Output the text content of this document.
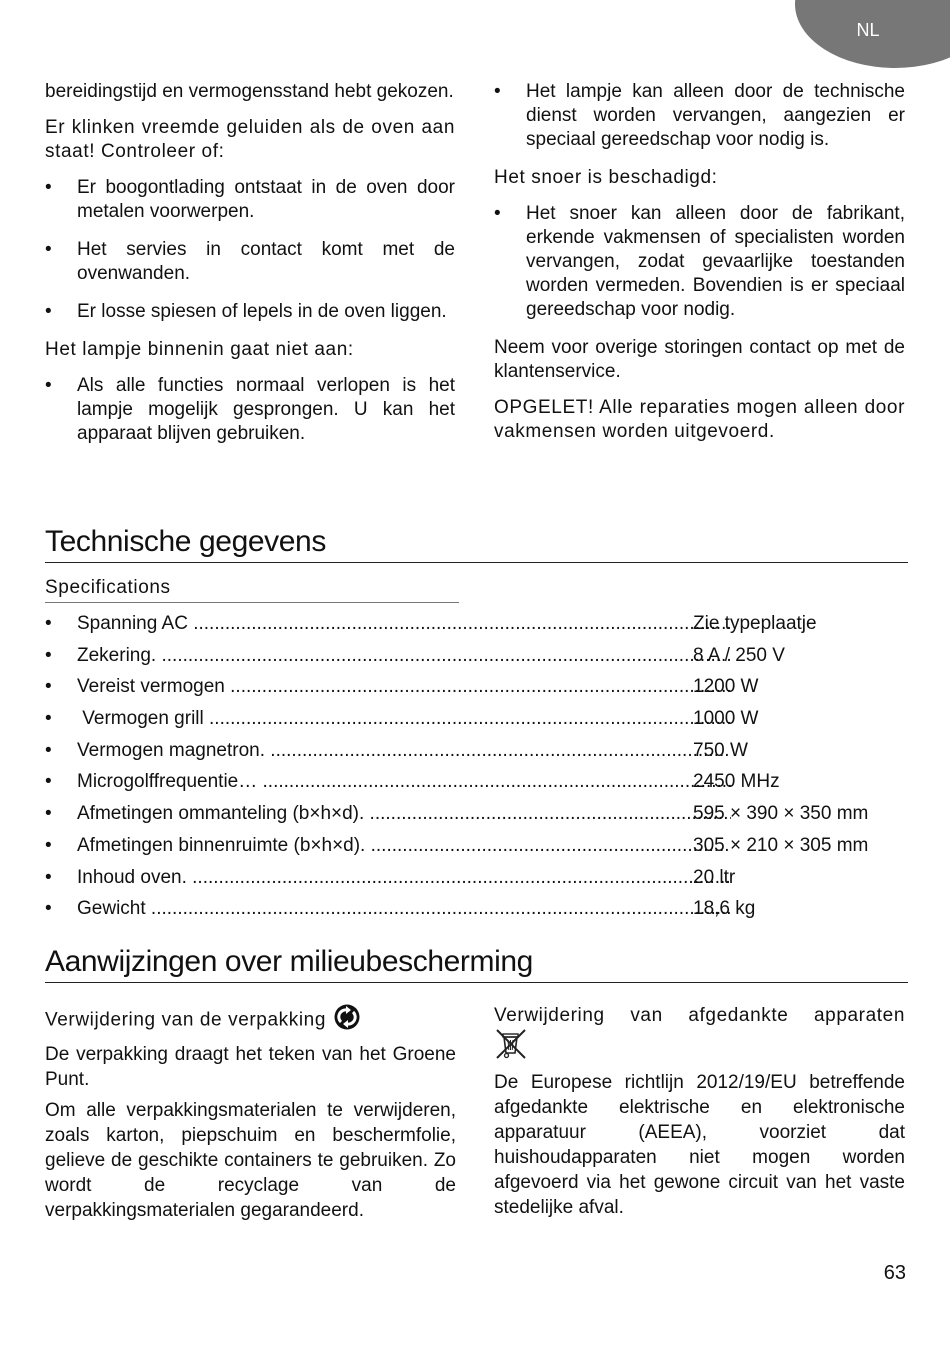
NL

bereidingstijd en vermogensstand hebt gekozen.

Er klinken vreemde geluiden als de oven aan staat! Controleer of:

• Er boogontlading ontstaat in de oven door metalen voorwerpen.
• Het servies in contact komt met de ovenwanden.
• Er losse spiesen of lepels in de oven liggen.

Het lampje binnenin gaat niet aan:

• Als alle functies normaal verlopen is het lampje mogelijk gesprongen. U kan het apparaat blijven gebruiken.
• Het lampje kan alleen door de technische dienst worden vervangen, aangezien er speciaal gereedschap voor nodig is.

Het snoer is beschadigd:

• Het snoer kan alleen door de fabrikant, erkende vakmensen of specialisten worden vervangen, zodat gevaarlijke toestanden worden vermeden. Bovendien is er speciaal gereedschap voor nodig.

Neem voor overige storingen contact op met de klantenservice.

OPGELET! Alle reparaties mogen alleen door vakmensen worden uitgevoerd.

Technische gegevens
Specifications
• Spanning AC .....	Zie typeplaatje
• Zekering. .....	8 A / 250 V
• Vereist vermogen .....	1200 W
• Vermogen grill .....	1000 W
• Vermogen magnetron. .....	750 W
• Microgolffrequentie… .....	2450 MHz
• Afmetingen ommanteling (b×h×d). .....	595 × 390 × 350 mm
• Afmetingen binnenruimte (b×h×d). .....	305 × 210 × 305 mm
• Inhoud oven. .....	20 ltr
• Gewicht .....	18,6 kg
Aanwijzingen over milieubescherming

Verwijdering van de verpakking

De verpakking draagt het teken van het Groene Punt.

Om alle verpakkingsmaterialen te verwijderen, zoals karton, piepschuim en beschermfolie, gelieve de geschikte containers te gebruiken. Zo wordt de recyclage van de verpakkingsmaterialen gegarandeerd.

Verwijdering van afgedankte apparaten

De Europese richtlijn 2012/19/EU betreffende afgedankte elektrische en elektronische apparatuur (AEEA), voorziet dat huishoudapparaten niet mogen worden afgevoerd via het gewone circuit van het vaste stedelijke afval.

63
